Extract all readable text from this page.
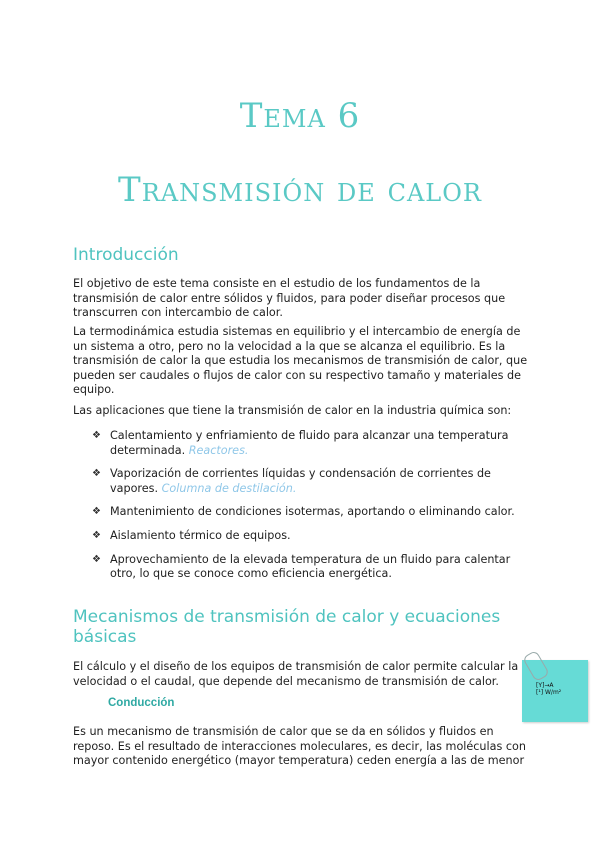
Tema 6
Transmisión de calor
Introducción

El objetivo de este tema consiste en el estudio de los fundamentos de la transmisión de calor entre sólidos y fluidos, para poder diseñar procesos que transcurren con intercambio de calor.

La termodinámica estudia sistemas en equilibrio y el intercambio de energía de un sistema a otro, pero no la velocidad a la que se alcanza el equilibrio. Es la transmisión de calor la que estudia los mecanismos de transmisión de calor, que pueden ser caudales o flujos de calor con su respectivo tamaño y materiales de equipo.

Las aplicaciones que tiene la transmisión de calor en la industria química son:

❖ Calentamiento y enfriamiento de fluido para alcanzar una temperatura determinada. Reactores.
❖ Vaporización de corrientes líquidas y condensación de corrientes de vapores. Columna de destilación.
❖ Mantenimiento de condiciones isotermas, aportando o eliminando calor.
❖ Aislamiento térmico de equipos.
❖ Aprovechamiento de la elevada temperatura de un fluido para calentar otro, lo que se conoce como eficiencia energética.
Mecanismos de transmisión de calor y ecuaciones básicas

El cálculo y el diseño de los equipos de transmisión de calor permite calcular la velocidad o el caudal, que depende del mecanismo de transmisión de calor.

Conducción

Es un mecanismo de transmisión de calor que se da en sólidos y fluidos en reposo. Es el resultado de interacciones moleculares, es decir, las moléculas con mayor contenido energético (mayor temperatura) ceden energía a las de menor

[Y]→A
[¹] W/m²
